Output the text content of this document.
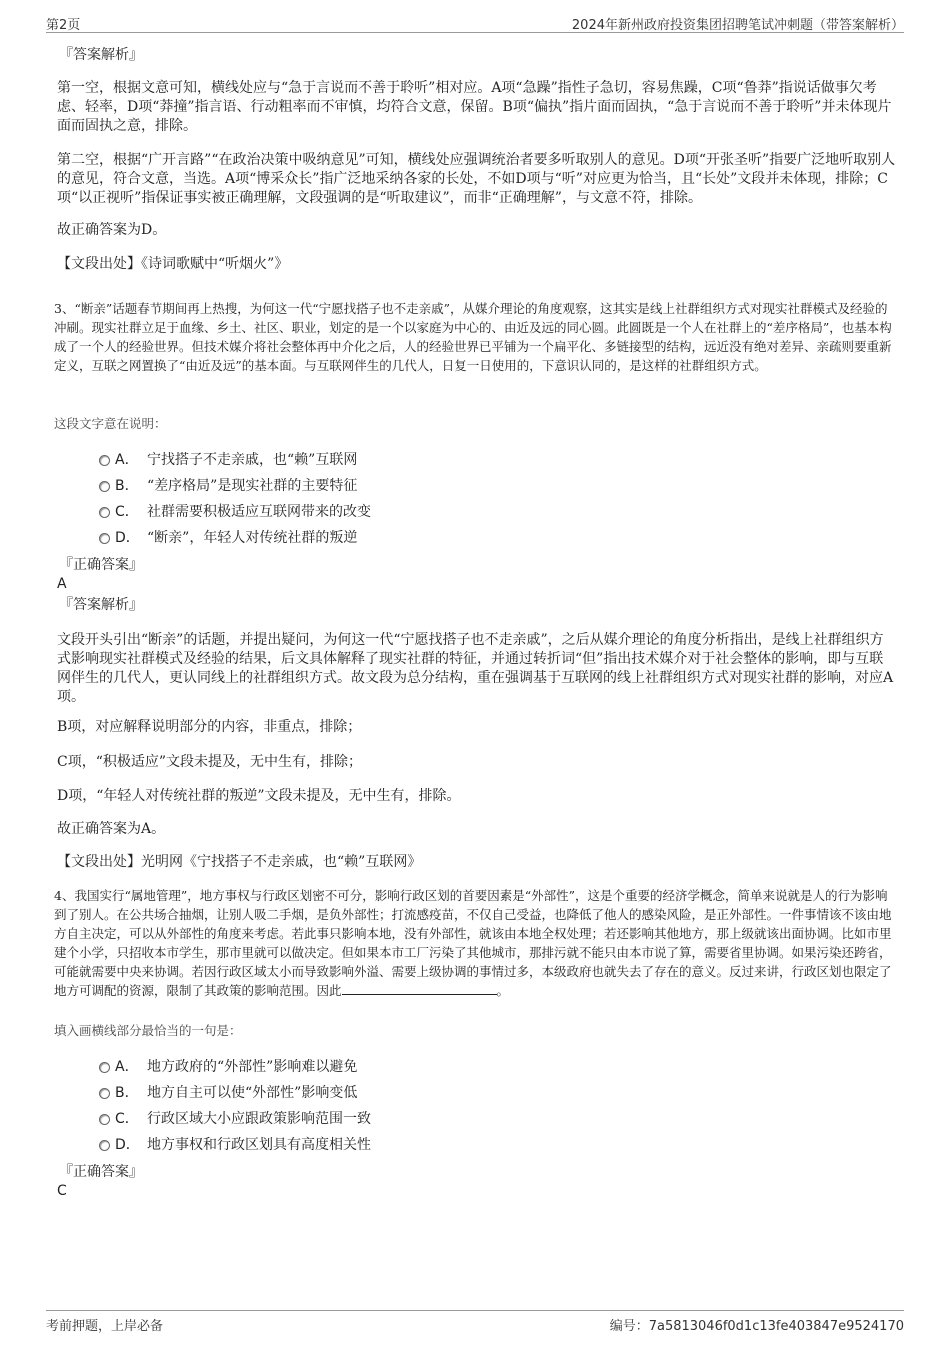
第2页	2024年新州政府投资集团招聘笔试冲刺题（带答案解析）
『答案解析』
第一空，根据文意可知，横线处应与“急于言说而不善于聆听”相对应。A项“急躁”指性子急切，容易焦躁，C项“鲁莽”指说话做事欠考虑、轻率，D项“莽撞”指言语、行动粗率而不审慎，均符合文意，保留。B项“偏执”指片面而固执，“急于言说而不善于聆听”并未体现片面而固执之意，排除。
第二空，根据“广开言路”“在政治决策中吸纳意见”可知，横线处应强调统治者要多听取别人的意见。D项“开张圣听”指要广泛地听取别人的意见，符合文意，当选。A项“博采众长”指广泛地采纳各家的长处，不如D项与“听”对应更为恰当，且“长处”文段并未体现，排除；C项“以正视听”指保证事实被正确理解，文段强调的是“听取建议”，而非“正确理解”，与文意不符，排除。
故正确答案为D。
【文段出处】《诗词歌赋中“听烟火”》
3、“断亲”话题春节期间再上热搜，为何这一代“宁愿找搭子也不走亲戚”，从媒介理论的角度观察，这其实是线上社群组织方式对现实社群模式及经验的冲刷。现实社群立足于血缘、乡土、社区、职业，划定的是一个以家庭为中心的、由近及远的同心圆。此圆既是一个人在社群上的“差序格局”，也基本构成了一个人的经验世界。但技术媒介将社会整体再中介化之后，人的经验世界已平铺为一个扁平化、多链接型的结构，远近没有绝对差异、亲疏则要重新定义，互联之网置换了“由近及远”的基本面。与互联网伴生的几代人，日复一日使用的，下意识认同的，是这样的社群组织方式。
这段文字意在说明：
A． 宁找搭子不走亲戚，也“赖”互联网
B． “差序格局”是现实社群的主要特征
C． 社群需要积极适应互联网带来的改变
D． “断亲”，年轻人对传统社群的叛逆
『正确答案』
A
『答案解析』
文段开头引出“断亲”的话题，并提出疑问，为何这一代“宁愿找搭子也不走亲戚”，之后从媒介理论的角度分析指出，是线上社群组织方式影响现实社群模式及经验的结果，后文具体解释了现实社群的特征，并通过转折词“但”指出技术媒介对于社会整体的影响，即与互联网伴生的几代人，更认同线上的社群组织方式。故文段为总分结构，重在强调基于互联网的线上社群组织方式对现实社群的影响，对应A项。
B项，对应解释说明部分的内容，非重点，排除；
C项，“积极适应”文段未提及，无中生有，排除；
D项，“年轻人对传统社群的叛逆”文段未提及，无中生有，排除。
故正确答案为A。
【文段出处】光明网《宁找搭子不走亲戚，也“赖”互联网》
4、我国实行“属地管理”，地方事权与行政区划密不可分，影响行政区划的首要因素是“外部性”，这是个重要的经济学概念，简单来说就是人的行为影响到了别人。在公共场合抽烟，让别人吸二手烟，是负外部性；打流感疫苗，不仅自己受益，也降低了他人的感染风险，是正外部性。一件事情该不该由地方自主决定，可以从外部性的角度来考虑。若此事只影响本地，没有外部性，就该由本地全权处理；若还影响其他地方，那上级就该出面协调。比如市里建个小学，只招收本市学生，那市里就可以做决定。但如果本市工厂污染了其他城市，那排污就不能只由本市说了算，需要省里协调。如果污染还跨省，可能就需要中央来协调。若因行政区域太小而导致影响外溢、需要上级协调的事情过多，本级政府也就失去了存在的意义。反过来讲，行政区划也限定了地方可调配的资源，限制了其政策的影响范围。因此	。
填入画横线部分最恰当的一句是：
A． 地方政府的“外部性”影响难以避免
B． 地方自主可以使“外部性”影响变低
C． 行政区域大小应跟政策影响范围一致
D． 地方事权和行政区划具有高度相关性
『正确答案』
C
考前押题，上岸必备	编号：7a5813046f0d1c13fe403847e9524170
